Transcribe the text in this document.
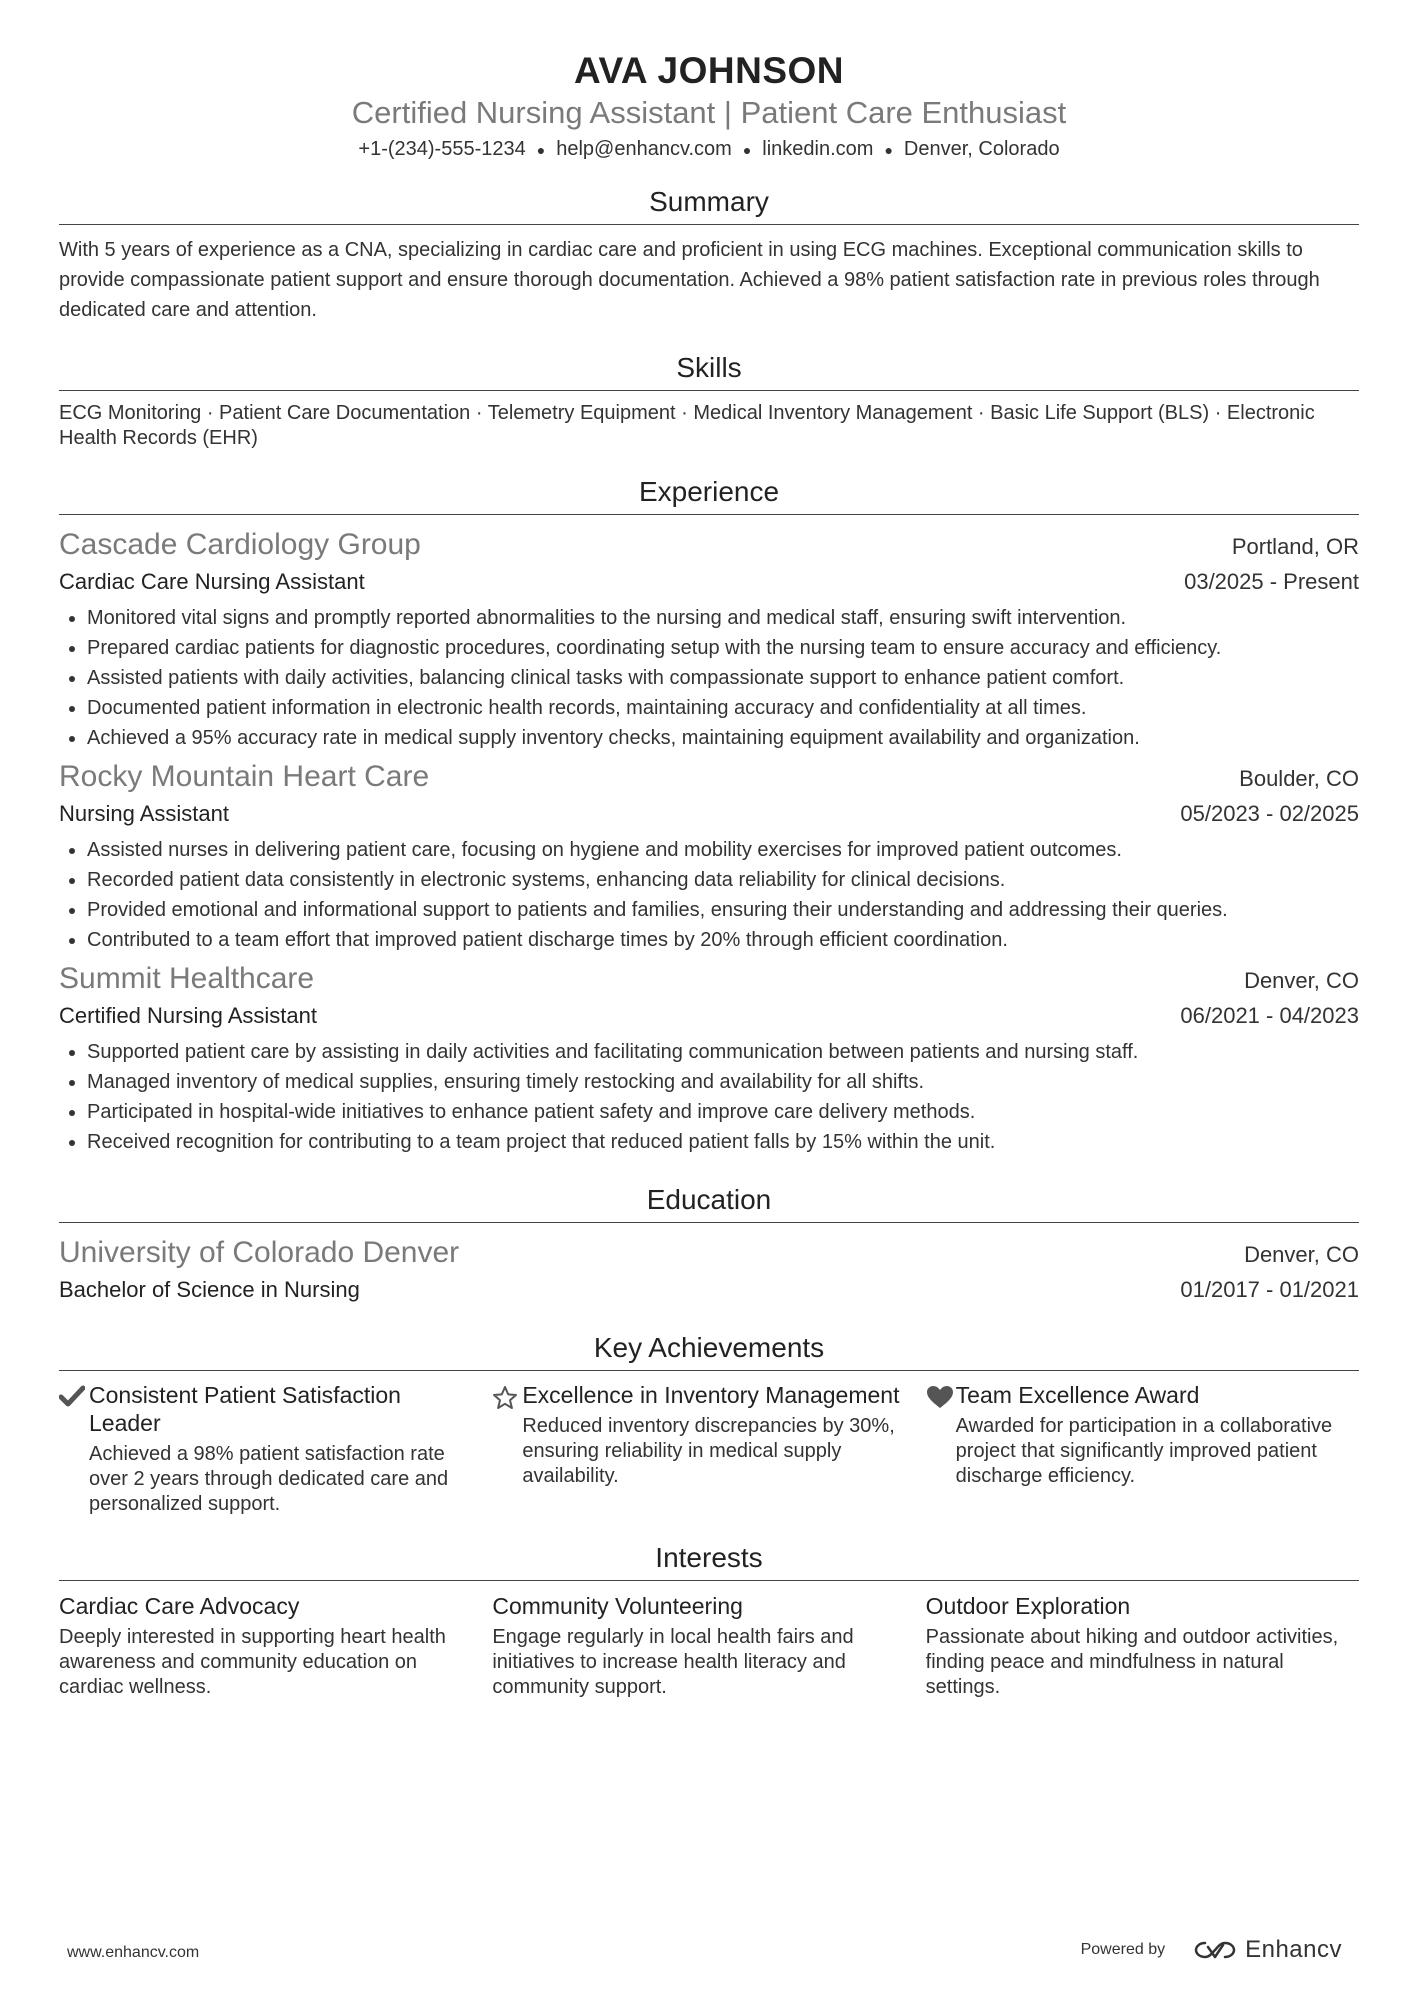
AVA JOHNSON
Certified Nursing Assistant | Patient Care Enthusiast
+1-(234)-555-1234 ● help@enhancv.com ● linkedin.com ● Denver, Colorado
Summary
With 5 years of experience as a CNA, specializing in cardiac care and proficient in using ECG machines. Exceptional communication skills to provide compassionate patient support and ensure thorough documentation. Achieved a 98% patient satisfaction rate in previous roles through dedicated care and attention.
Skills
ECG Monitoring · Patient Care Documentation · Telemetry Equipment · Medical Inventory Management · Basic Life Support (BLS) · Electronic Health Records (EHR)
Experience
Cascade Cardiology Group	Portland, OR
Cardiac Care Nursing Assistant	03/2025 - Present
• Monitored vital signs and promptly reported abnormalities to the nursing and medical staff, ensuring swift intervention.
• Prepared cardiac patients for diagnostic procedures, coordinating setup with the nursing team to ensure accuracy and efficiency.
• Assisted patients with daily activities, balancing clinical tasks with compassionate support to enhance patient comfort.
• Documented patient information in electronic health records, maintaining accuracy and confidentiality at all times.
• Achieved a 95% accuracy rate in medical supply inventory checks, maintaining equipment availability and organization.
Rocky Mountain Heart Care	Boulder, CO
Nursing Assistant	05/2023 - 02/2025
• Assisted nurses in delivering patient care, focusing on hygiene and mobility exercises for improved patient outcomes.
• Recorded patient data consistently in electronic systems, enhancing data reliability for clinical decisions.
• Provided emotional and informational support to patients and families, ensuring their understanding and addressing their queries.
• Contributed to a team effort that improved patient discharge times by 20% through efficient coordination.
Summit Healthcare	Denver, CO
Certified Nursing Assistant	06/2021 - 04/2023
• Supported patient care by assisting in daily activities and facilitating communication between patients and nursing staff.
• Managed inventory of medical supplies, ensuring timely restocking and availability for all shifts.
• Participated in hospital-wide initiatives to enhance patient safety and improve care delivery methods.
• Received recognition for contributing to a team project that reduced patient falls by 15% within the unit.
Education
University of Colorado Denver	Denver, CO
Bachelor of Science in Nursing	01/2017 - 01/2021
Key Achievements
Consistent Patient Satisfaction Leader
Achieved a 98% patient satisfaction rate over 2 years through dedicated care and personalized support.
Excellence in Inventory Management
Reduced inventory discrepancies by 30%, ensuring reliability in medical supply availability.
Team Excellence Award
Awarded for participation in a collaborative project that significantly improved patient discharge efficiency.
Interests
Cardiac Care Advocacy
Deeply interested in supporting heart health awareness and community education on cardiac wellness.
Community Volunteering
Engage regularly in local health fairs and initiatives to increase health literacy and community support.
Outdoor Exploration
Passionate about hiking and outdoor activities, finding peace and mindfulness in natural settings.
www.enhancv.com	Powered by	Enhancv
